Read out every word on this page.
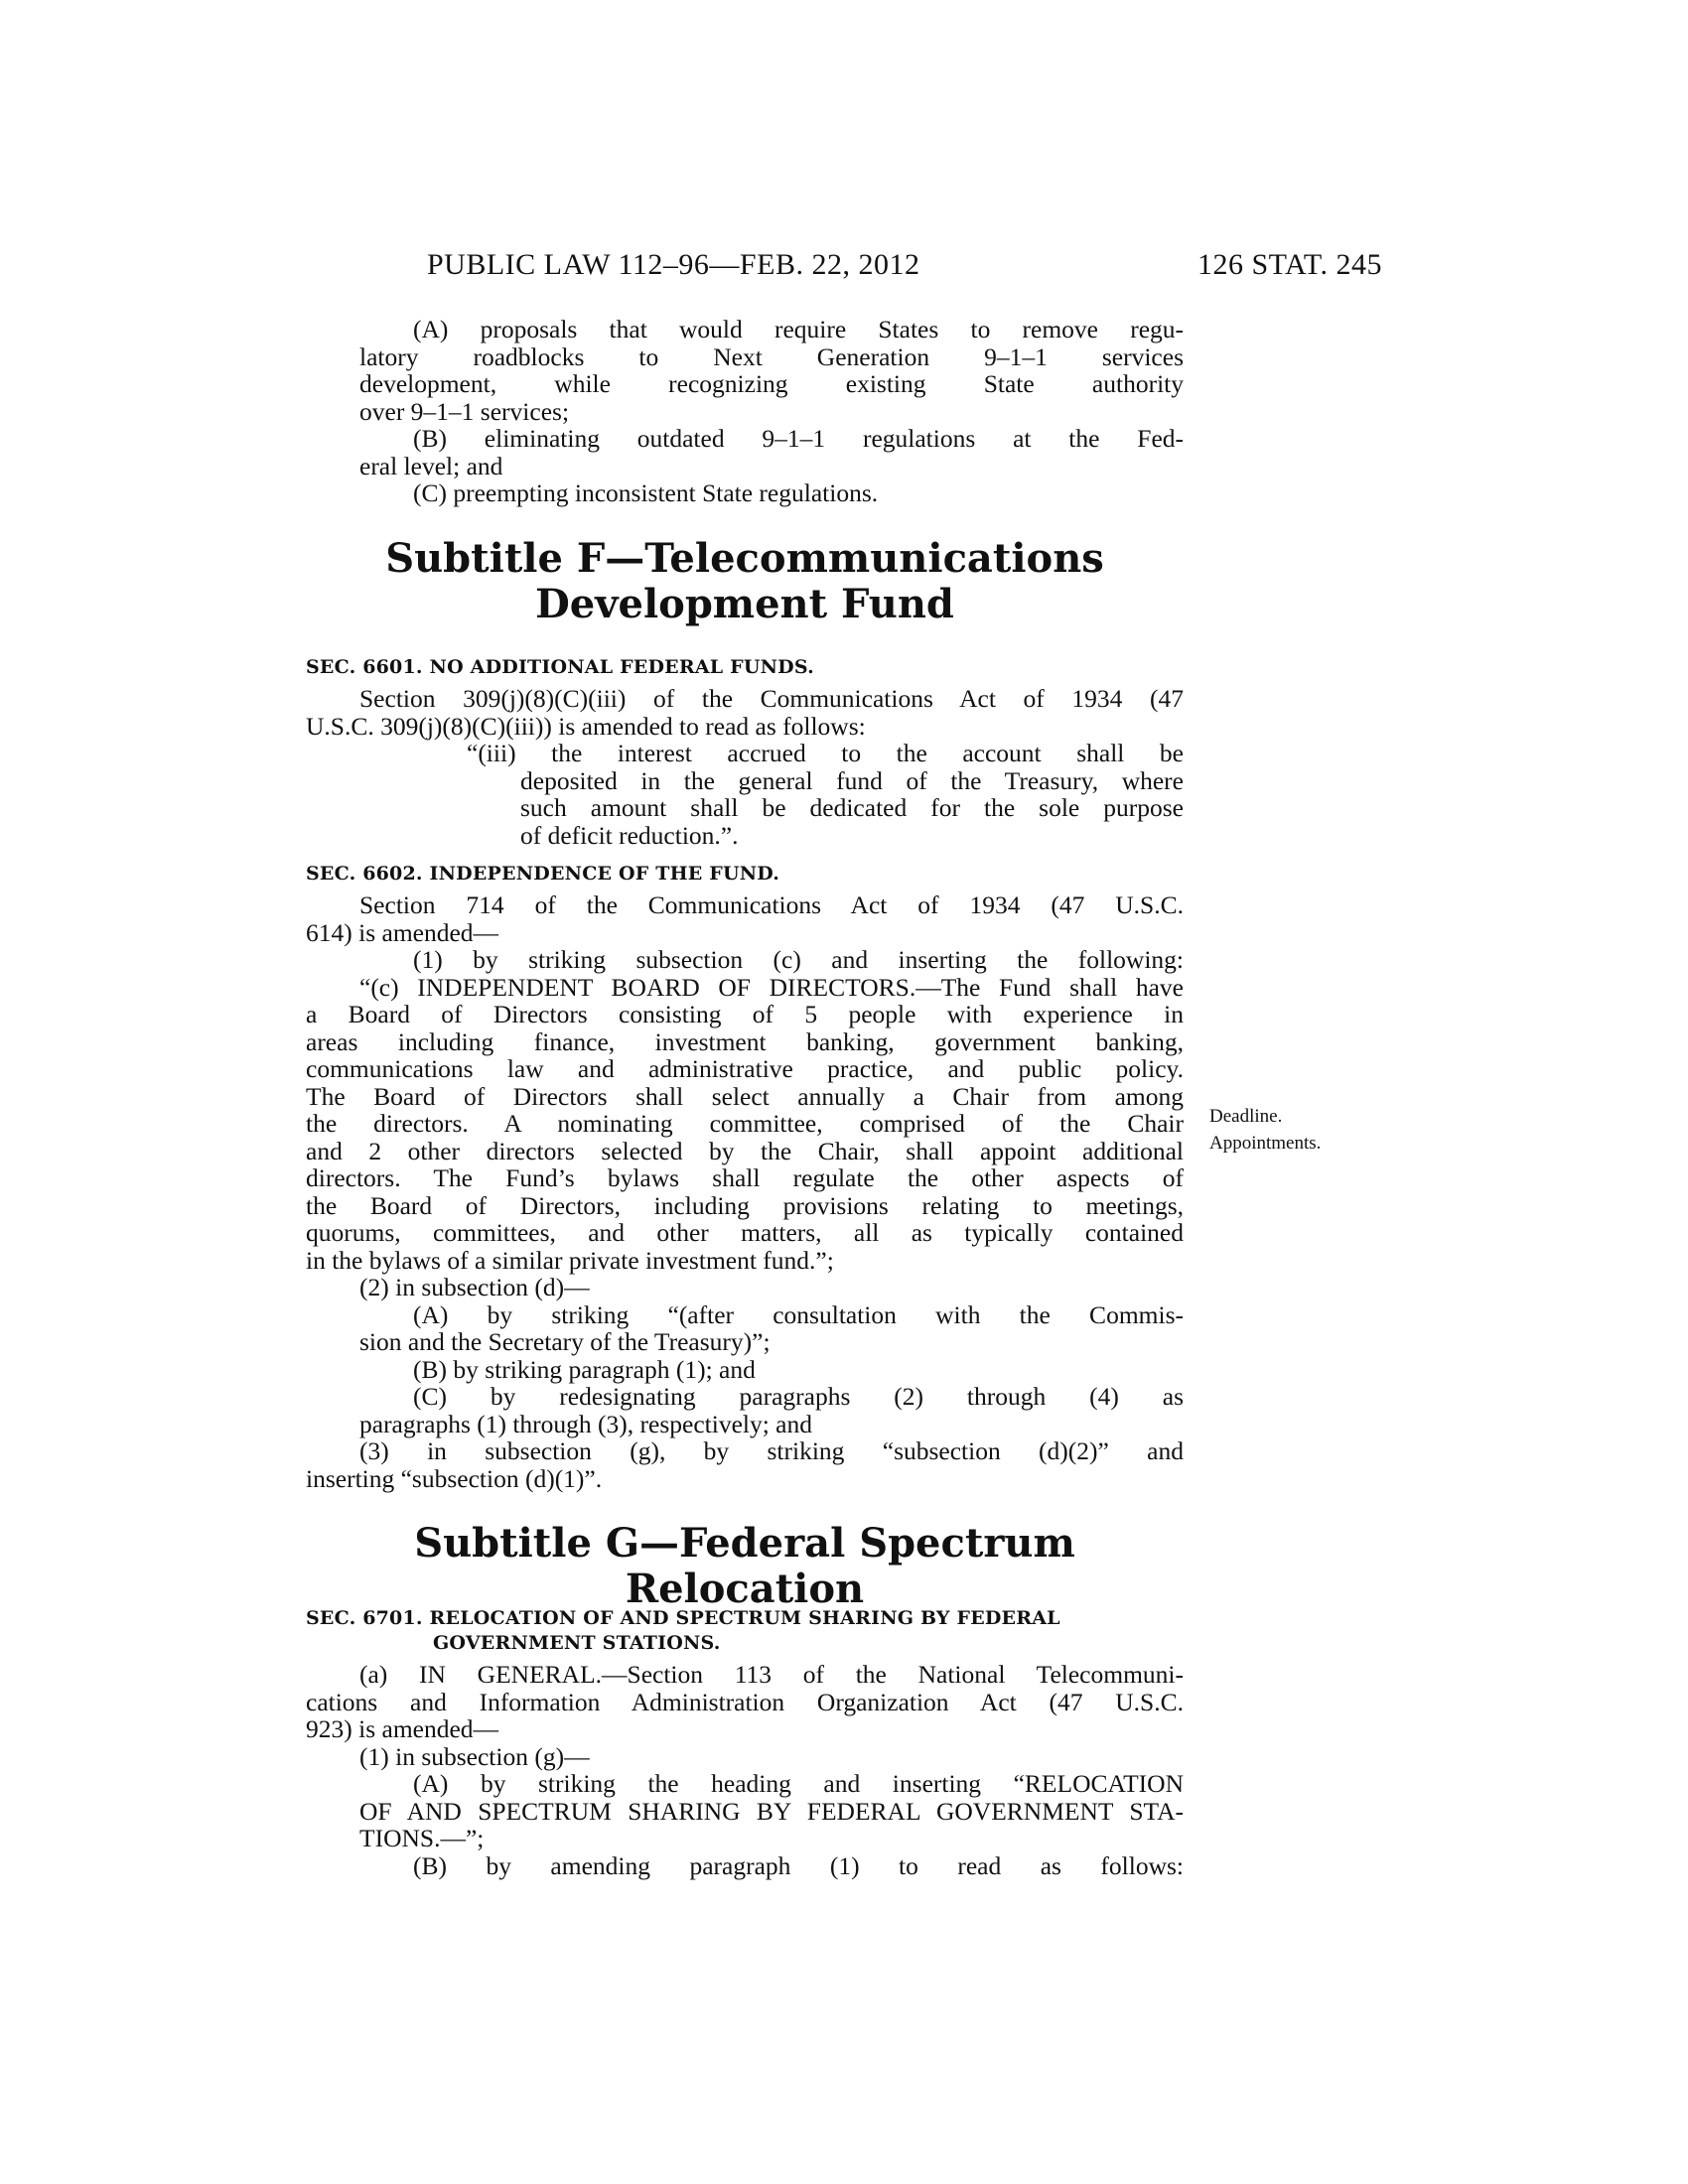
PUBLIC LAW 112–96—FEB. 22, 2012	126 STAT. 245
(A) proposals that would require States to remove regu-
latory roadblocks to Next Generation 9–1–1 services
development, while recognizing existing State authority
over 9–1–1 services;
(B) eliminating outdated 9–1–1 regulations at the Fed-
eral level; and
(C) preempting inconsistent State regulations.
Subtitle F—Telecommunications
Development Fund
SEC. 6601. NO ADDITIONAL FEDERAL FUNDS.
Section 309(j)(8)(C)(iii) of the Communications Act of 1934 (47
U.S.C. 309(j)(8)(C)(iii)) is amended to read as follows:
“(iii) the interest accrued to the account shall be
deposited in the general fund of the Treasury, where
such amount shall be dedicated for the sole purpose
of deficit reduction.”.
SEC. 6602. INDEPENDENCE OF THE FUND.
Section 714 of the Communications Act of 1934 (47 U.S.C.
614) is amended—
(1) by striking subsection (c) and inserting the following:
“(c) INDEPENDENT BOARD OF DIRECTORS.—The Fund shall have
a Board of Directors consisting of 5 people with experience in
areas including finance, investment banking, government banking,
communications law and administrative practice, and public policy.
The Board of Directors shall select annually a Chair from among
the directors. A nominating committee, comprised of the Chair
and 2 other directors selected by the Chair, shall appoint additional
directors. The Fund’s bylaws shall regulate the other aspects of
the Board of Directors, including provisions relating to meetings,
quorums, committees, and other matters, all as typically contained
in the bylaws of a similar private investment fund.”;
(2) in subsection (d)—
(A) by striking “(after consultation with the Commis-
sion and the Secretary of the Treasury)”;
(B) by striking paragraph (1); and
(C) by redesignating paragraphs (2) through (4) as
paragraphs (1) through (3), respectively; and
(3) in subsection (g), by striking “subsection (d)(2)” and
inserting “subsection (d)(1)”.
Deadline.
Appointments.
Subtitle G—Federal Spectrum Relocation
SEC. 6701. RELOCATION OF AND SPECTRUM SHARING BY FEDERAL
GOVERNMENT STATIONS.
(a) IN GENERAL.—Section 113 of the National Telecommuni-
cations and Information Administration Organization Act (47 U.S.C.
923) is amended—
(1) in subsection (g)—
(A) by striking the heading and inserting “RELOCATION
OF AND SPECTRUM SHARING BY FEDERAL GOVERNMENT STA-
TIONS.—”;
(B) by amending paragraph (1) to read as follows:
